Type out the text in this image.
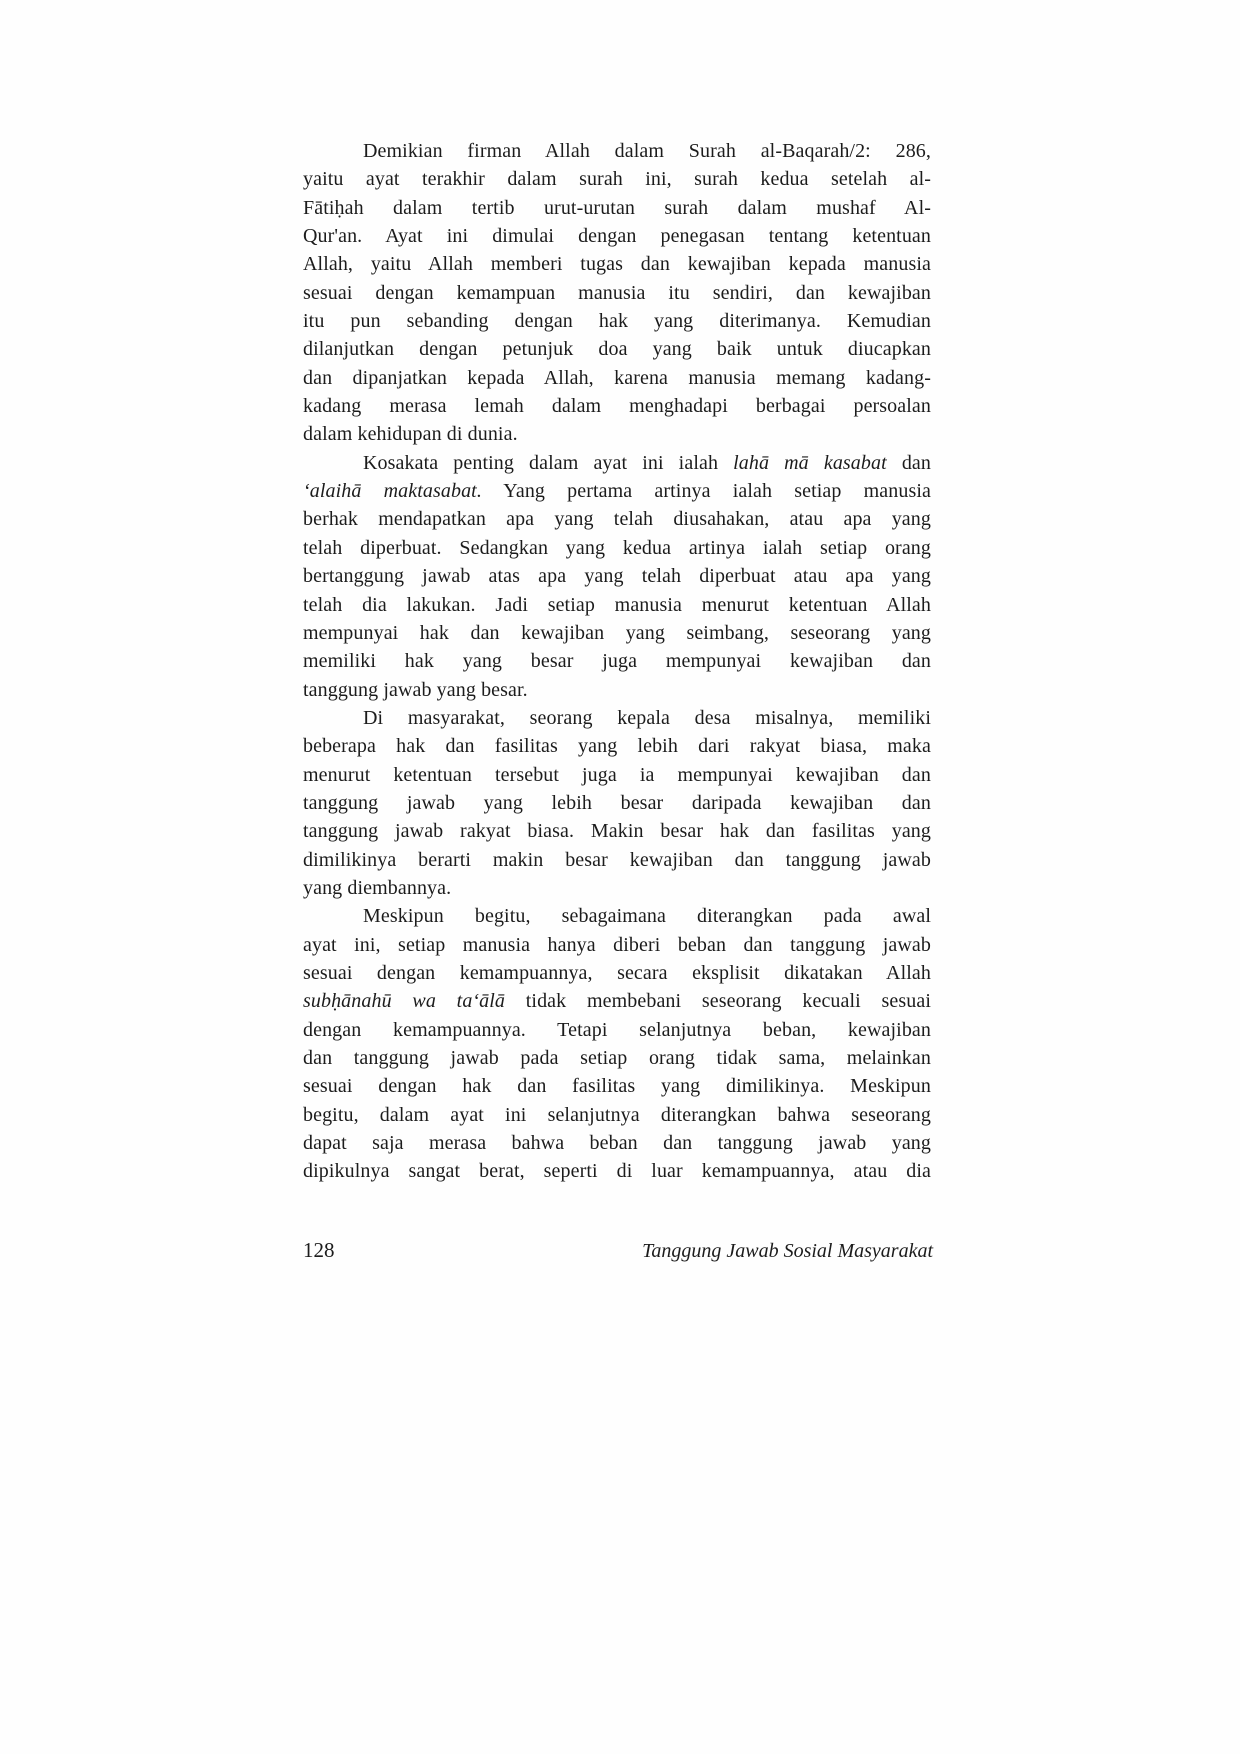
Demikian firman Allah dalam Surah al-Baqarah/2: 286,
yaitu ayat terakhir dalam surah ini, surah kedua setelah al-
Fātiḥah dalam tertib urut-urutan surah dalam mushaf Al-
Qur'an. Ayat ini dimulai dengan penegasan tentang ketentuan
Allah, yaitu Allah memberi tugas dan kewajiban kepada manusia
sesuai dengan kemampuan manusia itu sendiri, dan kewajiban
itu pun sebanding dengan hak yang diterimanya. Kemudian
dilanjutkan dengan petunjuk doa yang baik untuk diucapkan
dan dipanjatkan kepada Allah, karena manusia memang kadang-
kadang merasa lemah dalam menghadapi berbagai persoalan
dalam kehidupan di dunia.
Kosakata penting dalam ayat ini ialah lahā mā kasabat dan
‘alaihā maktasabat. Yang pertama artinya ialah setiap manusia
berhak mendapatkan apa yang telah diusahakan, atau apa yang
telah diperbuat. Sedangkan yang kedua artinya ialah setiap orang
bertanggung jawab atas apa yang telah diperbuat atau apa yang
telah dia lakukan. Jadi setiap manusia menurut ketentuan Allah
mempunyai hak dan kewajiban yang seimbang, seseorang yang
memiliki hak yang besar juga mempunyai kewajiban dan
tanggung jawab yang besar.
Di masyarakat, seorang kepala desa misalnya, memiliki
beberapa hak dan fasilitas yang lebih dari rakyat biasa, maka
menurut ketentuan tersebut juga ia mempunyai kewajiban dan
tanggung jawab yang lebih besar daripada kewajiban dan
tanggung jawab rakyat biasa. Makin besar hak dan fasilitas yang
dimilikinya berarti makin besar kewajiban dan tanggung jawab
yang diembannya.
Meskipun begitu, sebagaimana diterangkan pada awal
ayat ini, setiap manusia hanya diberi beban dan tanggung jawab
sesuai dengan kemampuannya, secara eksplisit dikatakan Allah
subḥānahū wa ta‘ālā tidak membebani seseorang kecuali sesuai
dengan kemampuannya. Tetapi selanjutnya beban, kewajiban
dan tanggung jawab pada setiap orang tidak sama, melainkan
sesuai dengan hak dan fasilitas yang dimilikinya. Meskipun
begitu, dalam ayat ini selanjutnya diterangkan bahwa seseorang
dapat saja merasa bahwa beban dan tanggung jawab yang
dipikulnya sangat berat, seperti di luar kemampuannya, atau dia
128	Tanggung Jawab Sosial Masyarakat
